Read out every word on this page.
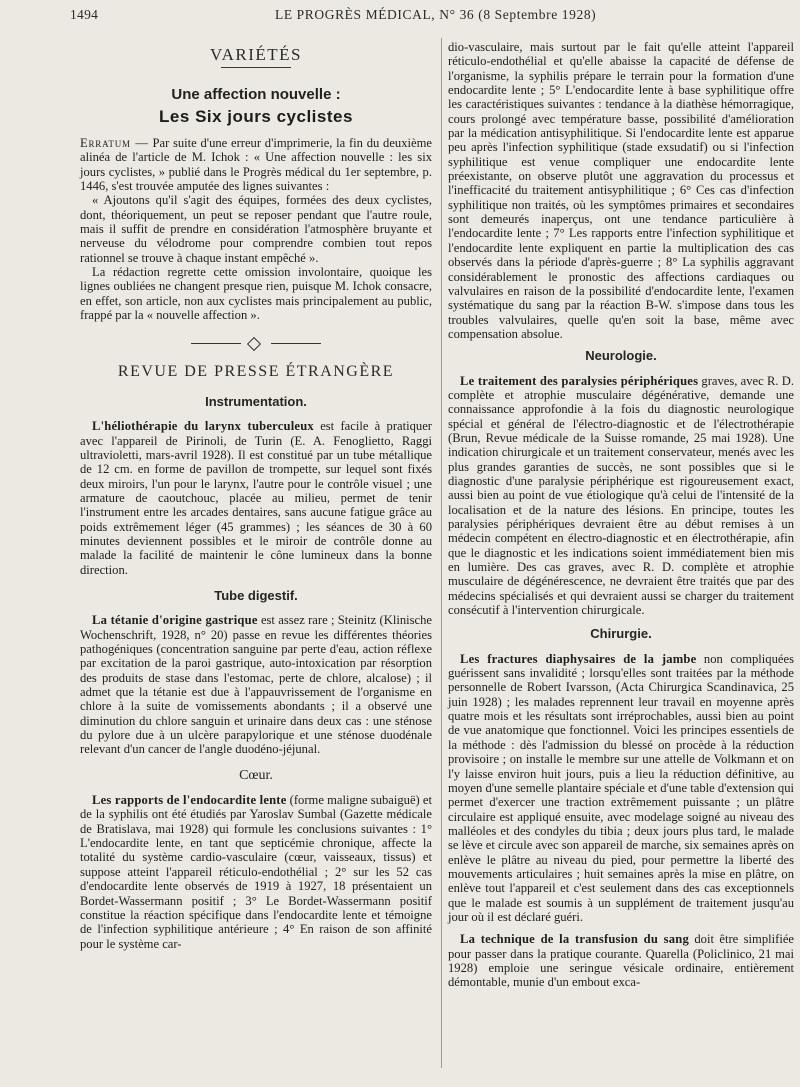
1494	LE PROGRÈS MÉDICAL, N° 36 (8 Septembre 1928)
VARIÉTÉS
Une affection nouvelle :
Les Six jours cyclistes

Erratum — Par suite d'une erreur d'imprimerie, la fin du deuxième alinéa de l'article de M. Ichok : « Une affection nouvelle : les six jours cyclistes, » publié dans le Progrès médical du 1er septembre, p. 1446, s'est trouvée amputée des lignes suivantes :

« Ajoutons qu'il s'agit des équipes, formées des deux cyclistes, dont, théoriquement, un peut se reposer pendant que l'autre roule, mais il suffit de prendre en considération l'atmosphère bruyante et nerveuse du vélodrome pour comprendre combien tout repos rationnel se trouve à chaque instant empêché ».

La rédaction regrette cette omission involontaire, quoique les lignes oubliées ne changent presque rien, puisque M. Ichok consacre, en effet, son article, non aux cyclistes mais principalement au public, frappé par la « nouvelle affection ».

REVUE DE PRESSE ÉTRANGÈRE
Instrumentation.

L'héliothérapie du larynx tuberculeux est facile à pratiquer avec l'appareil de Pirinoli, de Turin (E. A. Fenoglietto, Raggi ultravioletti, mars-avril 1928). Il est constitué par un tube métallique de 12 cm. en forme de pavillon de trompette, sur lequel sont fixés deux miroirs, l'un pour le larynx, l'autre pour le contrôle visuel ; une armature de caoutchouc, placée au milieu, permet de tenir l'instrument entre les arcades dentaires, sans aucune fatigue grâce au poids extrêmement léger (45 grammes) ; les séances de 30 à 60 minutes deviennent possibles et le miroir de contrôle donne au malade la facilité de maintenir le cône lumineux dans la bonne direction.

Tube digestif.

La tétanie d'origine gastrique est assez rare ; Steinitz (Klinische Wochenschrift, 1928, n° 20) passe en revue les différentes théories pathogéniques (concentration sanguine par perte d'eau, action réflexe par excitation de la paroi gastrique, auto-intoxication par résorption des produits de stase dans l'estomac, perte de chlore, alcalose) ; il admet que la tétanie est due à l'appauvrissement de l'organisme en chlore à la suite de vomissements abondants ; il a observé une diminution du chlore sanguin et urinaire dans deux cas : une sténose du pylore due à un ulcère parapylorique et une sténose duodénale relevant d'un cancer de l'angle duodéno-jéjunal.

Cœur.

Les rapports de l'endocardite lente (forme maligne subaiguë) et de la syphilis ont été étudiés par Yaroslav Sumbal (Gazette médicale de Bratislava, mai 1928) qui formule les conclusions suivantes : 1° L'endocardite lente, en tant que septicémie chronique, affecte la totalité du système cardio-vasculaire (cœur, vaisseaux, tissus) et suppose atteint l'appareil réticulo-endothélial ; 2° sur les 52 cas d'endocardite lente observés de 1919 à 1927, 18 présentaient un Bordet-Wassermann positif ; 3° Le Bordet-Wassermann positif constitue la réaction spécifique dans l'endocardite lente et témoigne de l'infection syphilitique antérieure ; 4° En raison de son affinité pour le système car-

dio-vasculaire, mais surtout par le fait qu'elle atteint l'appareil réticulo-endothélial et qu'elle abaisse la capacité de défense de l'organisme, la syphilis prépare le terrain pour la formation d'une endocardite lente ; 5° L'endocardite lente à base syphilitique offre les caractéristiques suivantes : tendance à la diathèse hémorragique, cours prolongé avec température basse, possibilité d'amélioration par la médication antisyphilitique. Si l'endocardite lente est apparue peu après l'infection syphilitique (stade exsudatif) ou si l'infection syphilitique est venue compliquer une endocardite lente préexistante, on observe plutôt une aggravation du processus et l'inefficacité du traitement antisyphilitique ; 6° Ces cas d'infection syphilitique non traités, où les symptômes primaires et secondaires sont demeurés inaperçus, ont une tendance particulière à l'endocardite lente ; 7° Les rapports entre l'infection syphilitique et l'endocardite lente expliquent en partie la multiplication des cas observés dans la période d'après-guerre ; 8° La syphilis aggravant considérablement le pronostic des affections cardiaques ou valvulaires en raison de la possibilité d'endocardite lente, l'examen systématique du sang par la réaction B-W. s'impose dans tous les troubles valvulaires, quelle qu'en soit la base, même avec compensation absolue.

Neurologie.

Le traitement des paralysies périphériques graves, avec R. D. complète et atrophie musculaire dégénérative, demande une connaissance approfondie à la fois du diagnostic neurologique spécial et général de l'électro-diagnostic et de l'électrothérapie (Brun, Revue médicale de la Suisse romande, 25 mai 1928). Une indication chirurgicale et un traitement conservateur, menés avec les plus grandes garanties de succès, ne sont possibles que si le diagnostic d'une paralysie périphérique est rigoureusement exact, aussi bien au point de vue étiologique qu'à celui de l'intensité de la localisation et de la nature des lésions. En principe, toutes les paralysies périphériques devraient être au début remises à un médecin compétent en électro-diagnostic et en électrothérapie, afin que le diagnostic et les indications soient immédiatement bien mis en lumière. Des cas graves, avec R. D. complète et atrophie musculaire de dégénérescence, ne devraient être traités que par des médecins spécialisés et qui devraient aussi se charger du traitement consécutif à l'intervention chirurgicale.

Chirurgie.

Les fractures diaphysaires de la jambe non compliquées guérissent sans invalidité ; lorsqu'elles sont traitées par la méthode personnelle de Robert Ivarsson, (Acta Chirurgica Scandinavica, 25 juin 1928) ; les malades reprennent leur travail en moyenne après quatre mois et les résultats sont irréprochables, aussi bien au point de vue anatomique que fonctionnel. Voici les principes essentiels de la méthode : dès l'admission du blessé on procède à la réduction provisoire ; on installe le membre sur une attelle de Volkmann et on l'y laisse environ huit jours, puis a lieu la réduction définitive, au moyen d'une semelle plantaire spéciale et d'une table d'extension qui permet d'exercer une traction extrêmement puissante ; un plâtre circulaire est appliqué ensuite, avec modelage soigné au niveau des malléoles et des condyles du tibia ; deux jours plus tard, le malade se lève et circule avec son appareil de marche, six semaines après on enlève le plâtre au niveau du pied, pour permettre la liberté des mouvements articulaires ; huit semaines après la mise en plâtre, on enlève tout l'appareil et c'est seulement dans des cas exceptionnels que le malade est soumis à un supplément de traitement jusqu'au jour où il est déclaré guéri.

La technique de la transfusion du sang doit être simplifiée pour passer dans la pratique courante. Quarella (Policlinico, 21 mai 1928) emploie une seringue vésicale ordinaire, entièrement démontable, munie d'un embout exca-
